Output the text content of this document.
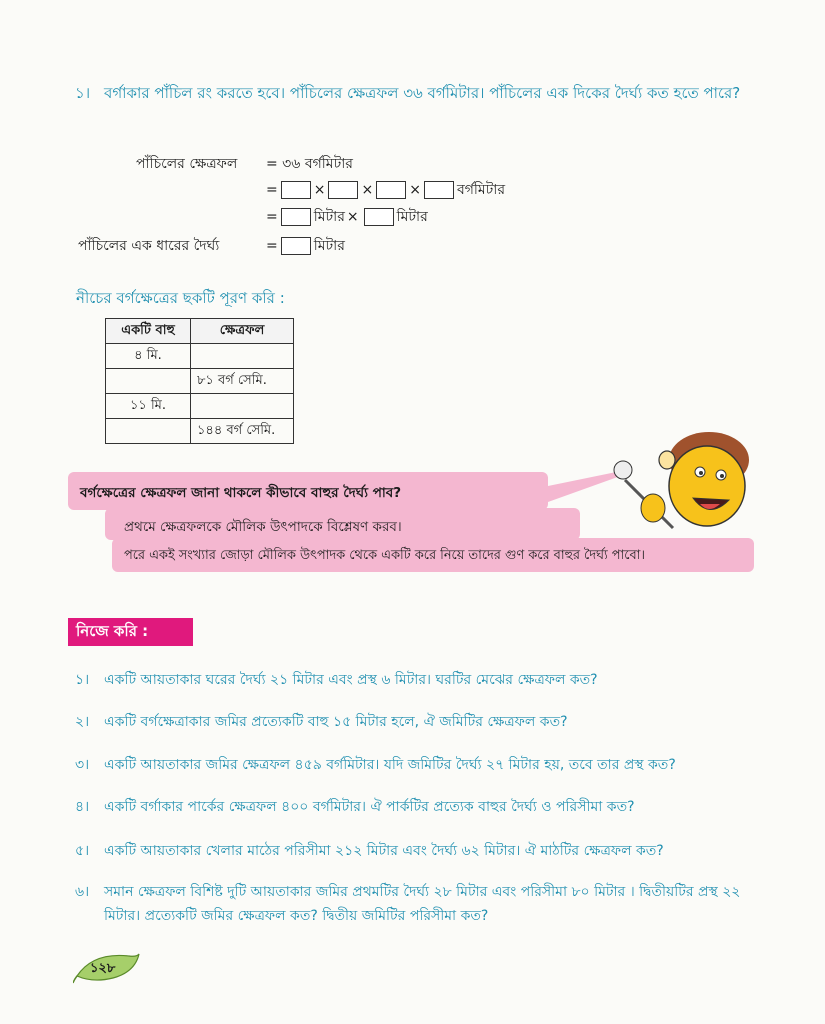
১। বর্গাকার পাঁচিল রং করতে হবে। পাঁচিলের ক্ষেত্রফল ৩৬ বর্গমিটার। পাঁচিলের এক দিকের দৈর্ঘ্য কত হতে পারে?
পাঁচিলের ক্ষেত্রফল = ৩৬ বর্গমিটার
=	×	×	×	বর্গমিটার
=	মিটার ×	মিটার
পাঁচিলের এক ধারের দৈর্ঘ্য	=	মিটার
নীচের বর্গক্ষেত্রের ছকটি পূরণ করি :
একটি বাহু	ক্ষেত্রফল
৪ মি.	
	৮১ বর্গ সেমি.
১১ মি.	
	১৪৪ বর্গ সেমি.
বর্গক্ষেত্রের ক্ষেত্রফল জানা থাকলে কীভাবে বাহুর দৈর্ঘ্য পাব?
প্রথমে ক্ষেত্রফলকে মৌলিক উৎপাদকে বিশ্লেষণ করব।
পরে একই সংখ্যার জোড়া মৌলিক উৎপাদক থেকে একটি করে নিয়ে তাদের গুণ করে বাহুর দৈর্ঘ্য পাবো।
নিজে করি :
১। একটি আয়তাকার ঘরের দৈর্ঘ্য ২১ মিটার এবং প্রস্থ ৬ মিটার। ঘরটির মেঝের ক্ষেত্রফল কত?
২। একটি বর্গক্ষেত্রাকার জমির প্রত্যেকটি বাহু ১৫ মিটার হলে, ঐ জমিটির ক্ষেত্রফল কত?
৩। একটি আয়তাকার জমির ক্ষেত্রফল ৪৫৯ বর্গমিটার। যদি জমিটির দৈর্ঘ্য ২৭ মিটার হয়, তবে তার প্রস্থ কত?
৪। একটি বর্গাকার পার্কের ক্ষেত্রফল ৪০০ বর্গমিটার। ঐ পার্কটির প্রত্যেক বাহুর দৈর্ঘ্য ও পরিসীমা কত?
৫। একটি আয়তাকার খেলার মাঠের পরিসীমা ২১২ মিটার এবং দৈর্ঘ্য ৬২ মিটার। ঐ মাঠটির ক্ষেত্রফল কত?
৬। সমান ক্ষেত্রফল বিশিষ্ট দুটি আয়তাকার জমির প্রথমটির দৈর্ঘ্য ২৮ মিটার এবং পরিসীমা ৮০ মিটার । দ্বিতীয়টির প্রস্থ ২২ মিটার। প্রত্যেকটি জমির ক্ষেত্রফল কত? দ্বিতীয় জমিটির পরিসীমা কত?
১২৮
